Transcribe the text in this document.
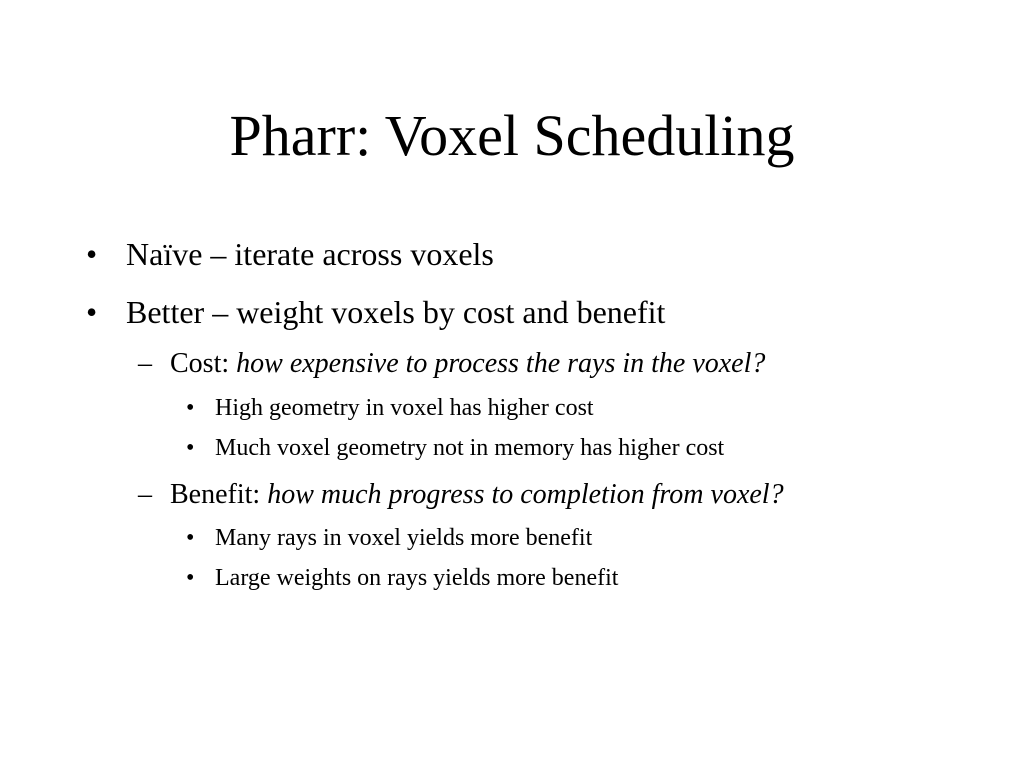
Pharr: Voxel Scheduling
• Naïve – iterate across voxels
• Better – weight voxels by cost and benefit
– Cost: how expensive to process the rays in the voxel?
• High geometry in voxel has higher cost
• Much voxel geometry not in memory has higher cost
– Benefit: how much progress to completion from voxel?
• Many rays in voxel yields more benefit
• Large weights on rays yields more benefit
